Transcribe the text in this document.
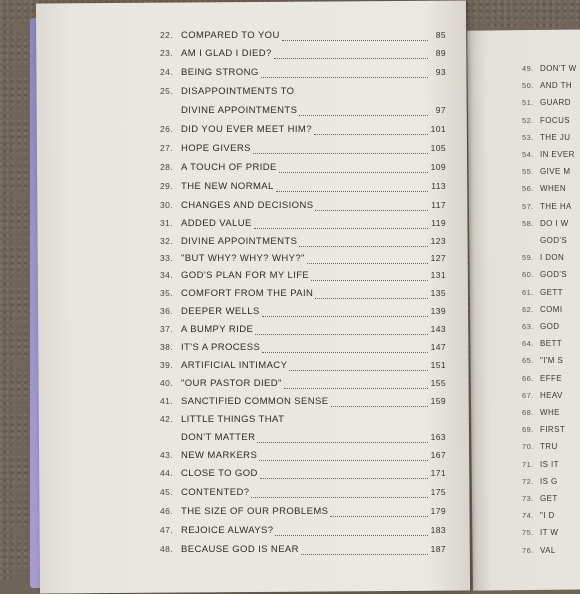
22. COMPARED TO YOU	85
23. AM I GLAD I DIED?	89
24. BEING STRONG	93
25. DISAPPOINTMENTS TO
DIVINE APPOINTMENTS	97
26. DID YOU EVER MEET HIM?	101
27. HOPE GIVERS	105
28. A TOUCH OF PRIDE	109
29. THE NEW NORMAL	113
30. CHANGES AND DECISIONS	117
31. ADDED VALUE	119
32. DIVINE APPOINTMENTS	123
33. "BUT WHY? WHY? WHY?"	127
34. GOD'S PLAN FOR MY LIFE	131
35. COMFORT FROM THE PAIN	135
36. DEEPER WELLS	139
37. A BUMPY RIDE	143
38. IT'S A PROCESS	147
39. ARTIFICIAL INTIMACY	151
40. "OUR PASTOR DIED"	155
41. SANCTIFIED COMMON SENSE	159
42. LITTLE THINGS THAT
DON'T MATTER	163
43. NEW MARKERS	167
44. CLOSE TO GOD	171
45. CONTENTED?	175
46. THE SIZE OF OUR PROBLEMS	179
47. REJOICE ALWAYS?	183
48. BECAUSE GOD IS NEAR	187
49. DON'T W
50. AND TH
51. GUARD
52. FOCUS
53. THE JU
54. IN EVER
55. GIVE M
56. WHEN
57. THE HA
58. DO I W
GOD'S
59. I DON
60. GOD'S
61. GETT
62. COMI
63. GOD
64. BETT
65. "I'M S
66. EFFE
67. HEAV
68. WHE
69. FIRST
70. TRU
71. IS IT
72. IS G
73. GET
74. "I D
75. IT W
76. VAL
